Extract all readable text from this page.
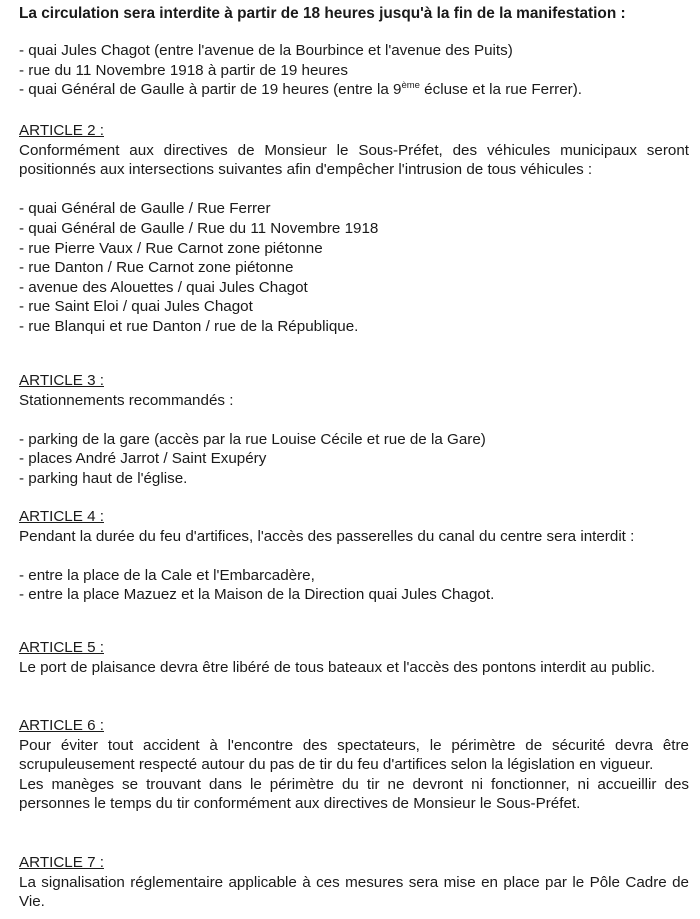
La circulation sera interdite à partir de 18 heures jusqu'à la fin de la manifestation :
- quai Jules Chagot (entre l'avenue de la Bourbince et l'avenue des Puits)
- rue du 11 Novembre 1918 à partir de 19 heures
- quai Général de Gaulle à partir de 19 heures (entre la 9ème écluse et la rue Ferrer).
ARTICLE 2 :
Conformément aux directives de Monsieur le Sous-Préfet, des véhicules municipaux seront positionnés aux intersections suivantes afin d'empêcher l'intrusion de tous véhicules :
- quai Général de Gaulle / Rue Ferrer
- quai Général de Gaulle / Rue du 11 Novembre 1918
- rue Pierre Vaux / Rue Carnot zone piétonne
- rue Danton / Rue Carnot zone piétonne
- avenue des Alouettes / quai Jules Chagot
- rue Saint Eloi / quai Jules Chagot
- rue Blanqui et rue Danton / rue de la République.
ARTICLE 3 :
Stationnements recommandés :
- parking de la gare (accès par la rue Louise Cécile et rue de la Gare)
- places André Jarrot / Saint Exupéry
- parking haut de l'église.
ARTICLE 4 :
Pendant la durée du feu d'artifices, l'accès des passerelles du canal du centre sera interdit :
- entre la place de la Cale et l'Embarcadère,
- entre la place Mazuez et la Maison de la Direction quai Jules Chagot.
ARTICLE 5 :
Le port de plaisance devra être libéré de tous bateaux et l'accès des pontons interdit au public.
ARTICLE 6 :
Pour éviter tout accident à l'encontre des spectateurs, le périmètre de sécurité devra être scrupuleusement respecté autour du pas de tir du feu d'artifices selon la législation en vigueur.
Les manèges se trouvant dans le périmètre du tir ne devront ni fonctionner, ni accueillir des personnes le temps du tir conformément aux directives de Monsieur le Sous-Préfet.
ARTICLE 7 :
La signalisation réglementaire applicable à ces mesures sera mise en place par le Pôle Cadre de Vie.
